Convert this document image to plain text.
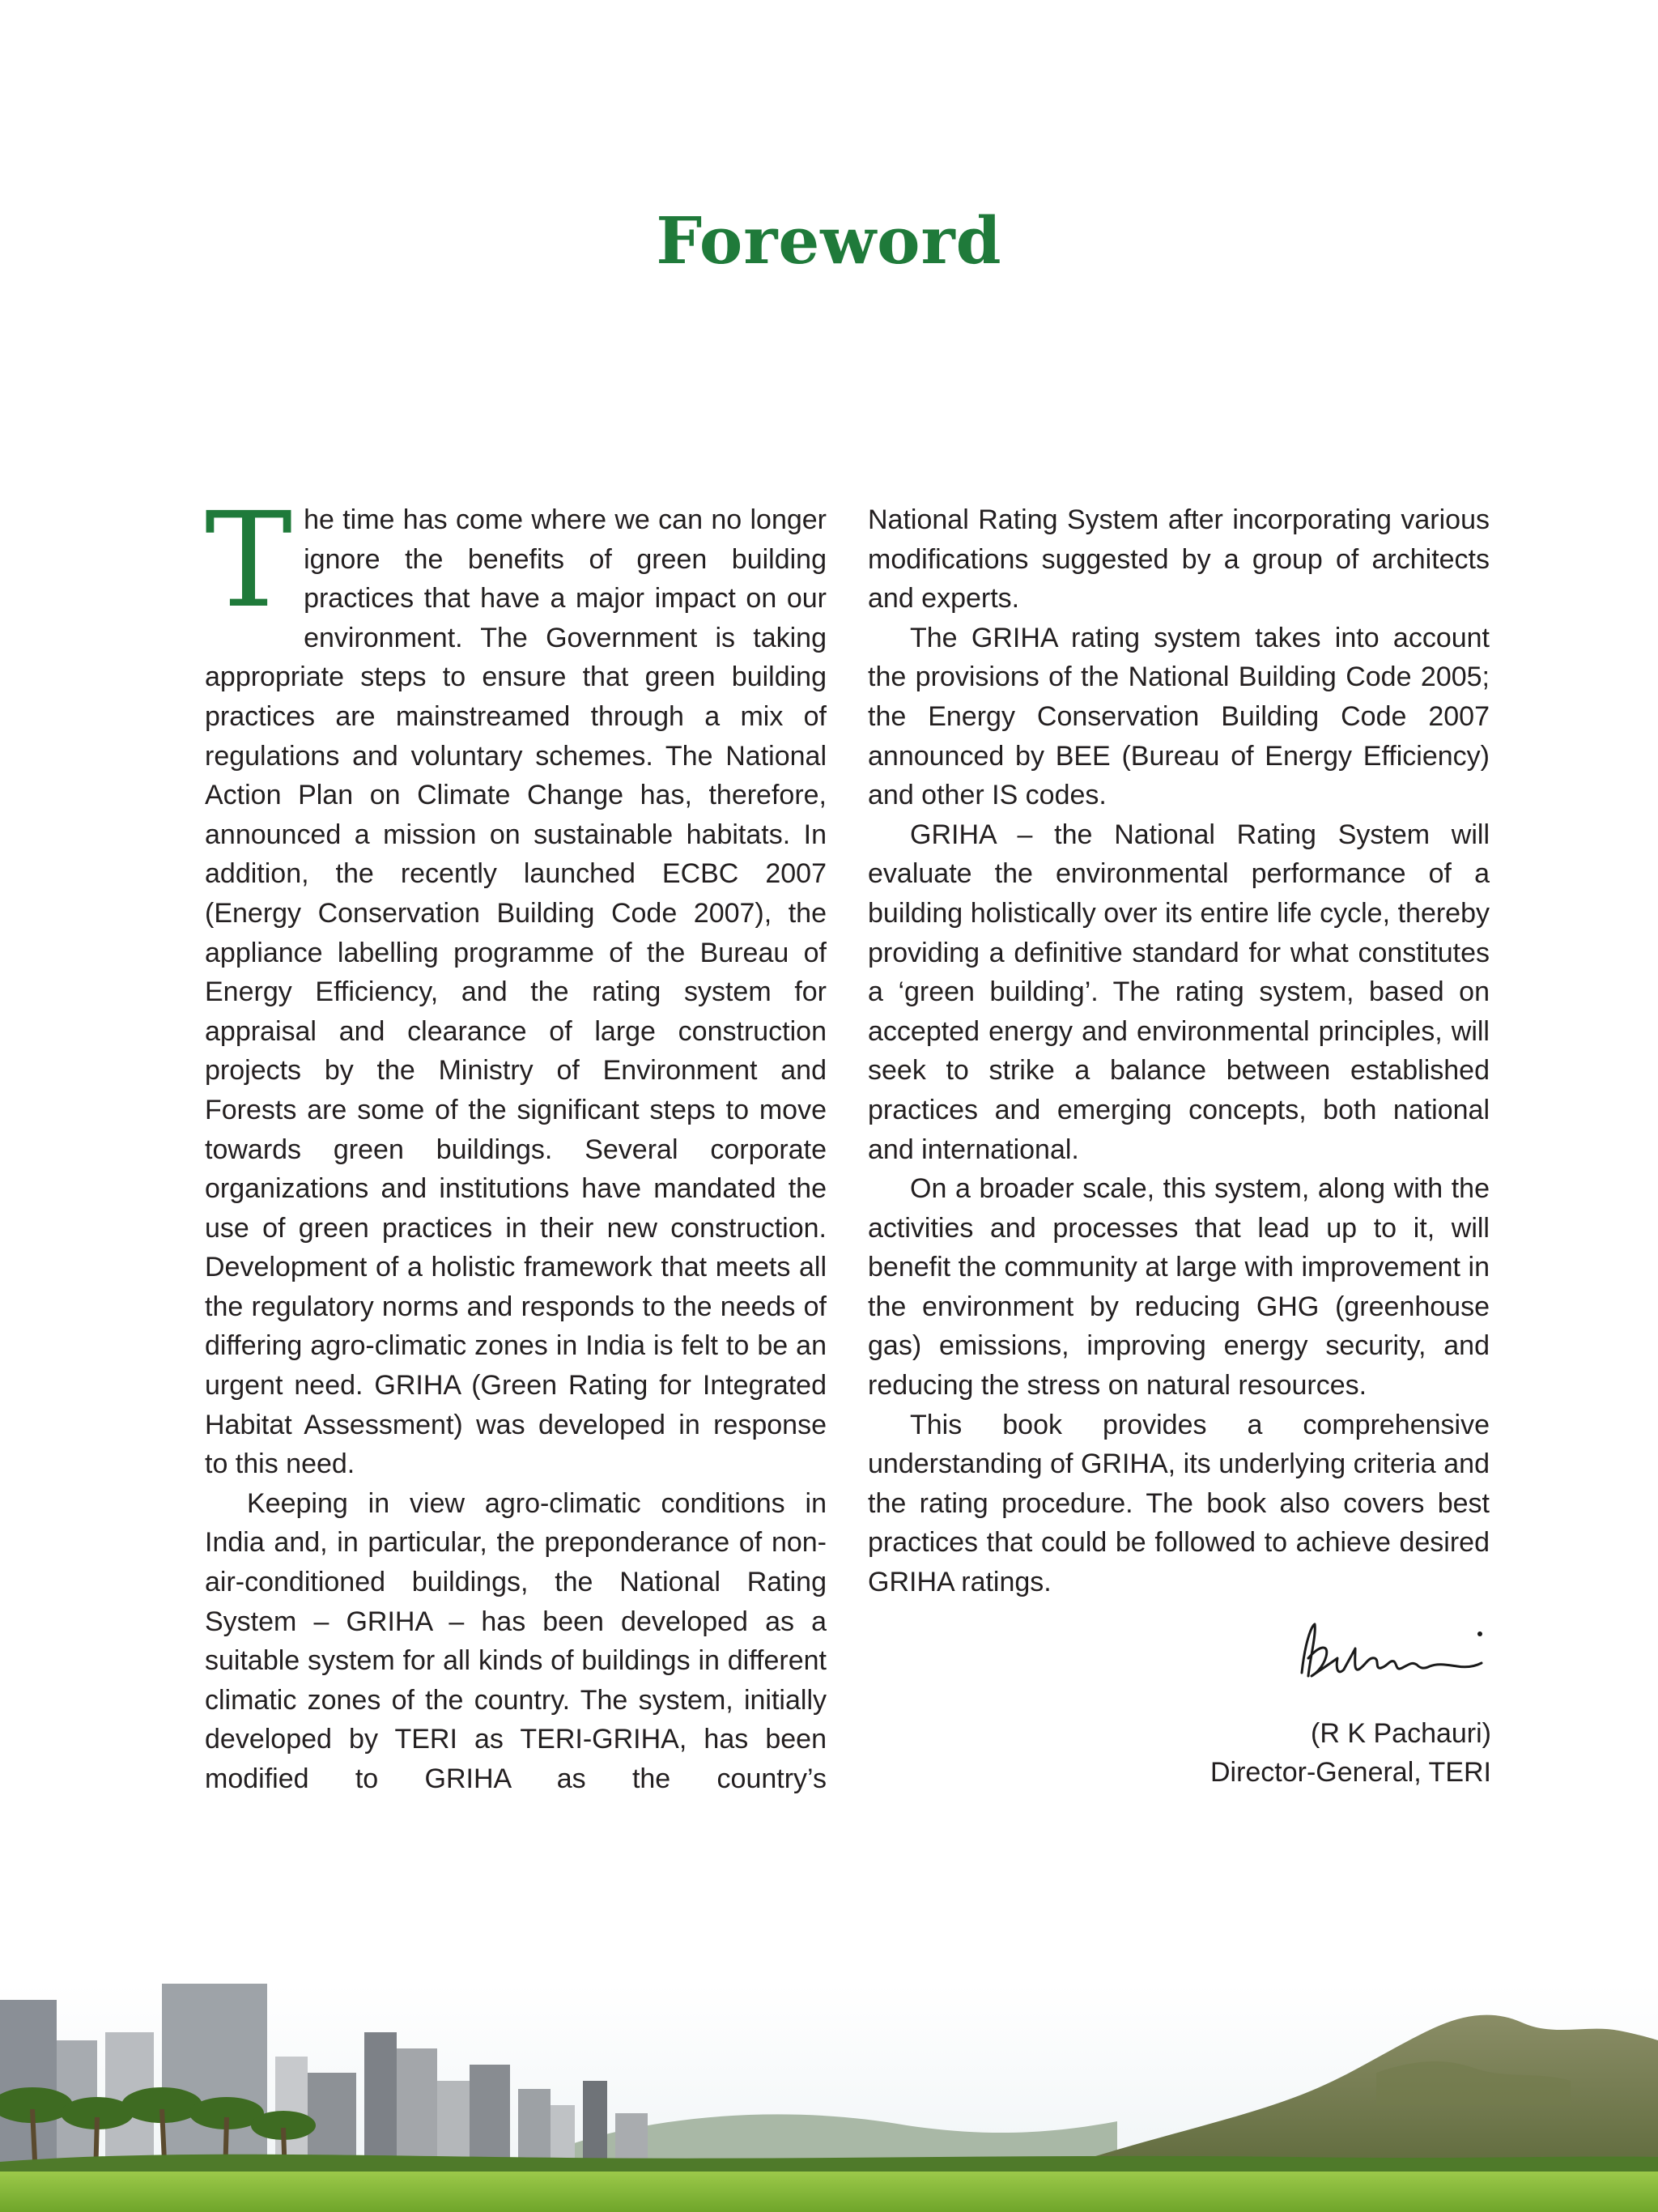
Foreword

The time has come where we can no longer ignore the benefits of green building practices that have a major impact on our environment. The Government is taking appropriate steps to ensure that green building practices are mainstreamed through a mix of regulations and voluntary schemes. The National Action Plan on Climate Change has, therefore, announced a mission on sustainable habitats. In addition, the recently launched ECBC 2007 (Energy Conservation Building Code 2007), the appliance labelling programme of the Bureau of Energy Efficiency, and the rating system for appraisal and clearance of large construction projects by the Ministry of Environment and Forests are some of the significant steps to move towards green buildings. Several corporate organizations and institutions have mandated the use of green practices in their new construction. Development of a holistic framework that meets all the regulatory norms and responds to the needs of differing agro-climatic zones in India is felt to be an urgent need. GRIHA (Green Rating for Integrated Habitat Assessment) was developed in response to this need.

Keeping in view agro-climatic conditions in India and, in particular, the preponderance of non-air-conditioned buildings, the National Rating System – GRIHA – has been developed as a suitable system for all kinds of buildings in different climatic zones of the country. The system, initially developed by TERI as TERI-GRIHA, has been modified to GRIHA as the country’s

National Rating System after incorporating various modifications suggested by a group of architects and experts.

The GRIHA rating system takes into account the provisions of the National Building Code 2005; the Energy Conservation Building Code 2007 announced by BEE (Bureau of Energy Efficiency) and other IS codes.

GRIHA – the National Rating System will evaluate the environmental performance of a building holistically over its entire life cycle, thereby providing a definitive standard for what constitutes a ‘green building’. The rating system, based on accepted energy and environmental principles, will seek to strike a balance between established practices and emerging concepts, both national and international.

On a broader scale, this system, along with the activities and processes that lead up to it, will benefit the community at large with improvement in the environment by reducing GHG (greenhouse gas) emissions, improving energy security, and reducing the stress on natural resources.

This book provides a comprehensive understanding of GRIHA, its underlying criteria and the rating procedure. The book also covers best practices that could be followed to achieve desired GRIHA ratings.

(R K Pachauri)
Director-General, TERI
